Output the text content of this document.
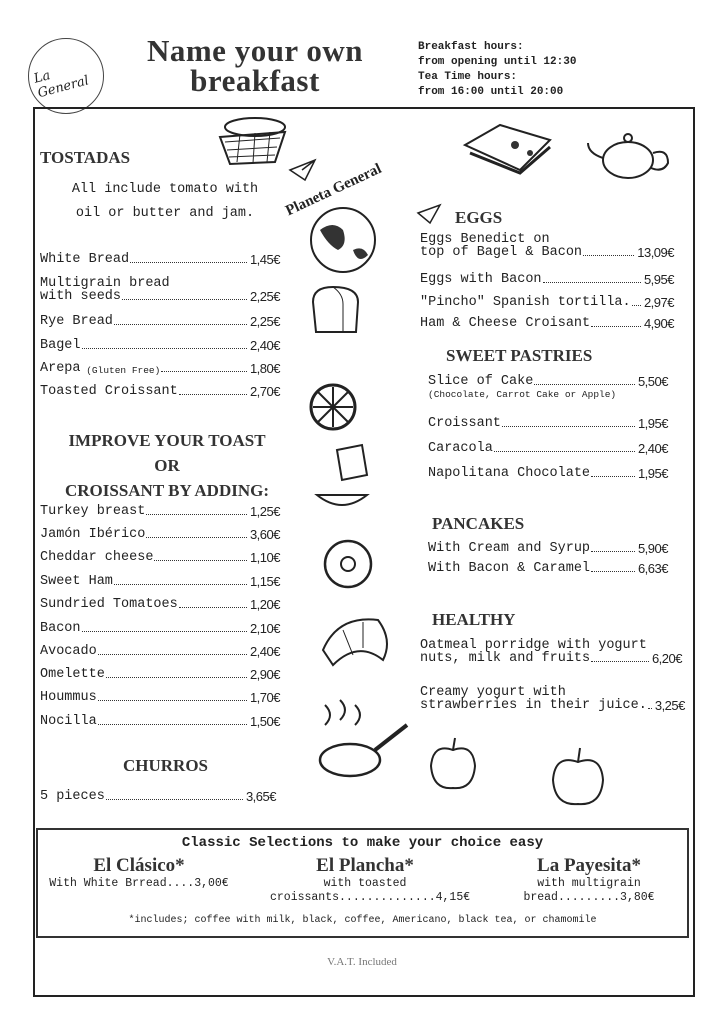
La General
Name your own
breakfast
Breakfast hours:
from opening until 12:30
Tea Time hours:
from 16:00 until 20:00
TOSTADAS
All include tomato with
oil or butter and jam.
IMPROVE YOUR TOAST
OR
CROISSANT BY ADDING:
CHURROS
EGGS
SWEET PASTRIES
PANCAKES
HEALTHY
White Bread	1,45€
Multigrain bread
with seeds	2,25€
Rye Bread	2,25€
Bagel	2,40€
Arepa (Gluten Free)	1,80€
Toasted Croissant	2,70€
Turkey breast	1,25€
Jamón Ibérico	3,60€
Cheddar cheese	1,10€
Sweet Ham	1,15€
Sundried Tomatoes	1,20€
Bacon	2,10€
Avocado	2,40€
Omelette	2,90€
Hoummus	1,70€
Nocilla	1,50€
5 pieces	3,65€
Eggs Benedict on
top of Bagel & Bacon	13,09€
Eggs with Bacon	5,95€
"Pincho" Spanish tortilla. 2,97€
Ham & Cheese Croisant	4,90€
Slice of Cake	5,50€
(Chocolate, Carrot Cake or Apple)
Croissant	1,95€
Caracola	2,40€
Napolitana Chocolate	1,95€
With Cream and Syrup	5,90€
With Bacon & Caramel	6,63€
Oatmeal porridge with yogurt
nuts, milk and fruits	6,20€
Creamy yogurt with
strawberries in their juice. 3,25€
Planeta General
Classic Selections to make your choice easy
El Clásico*
With White Brread....3,00€
El Plancha*
with toasted
croissants..............4,15€
La Payesita*
with multigrain
bread.........3,80€
*includes; coffee with milk, black, coffee, Americano, black tea, or chamomile
V.A.T. Included
